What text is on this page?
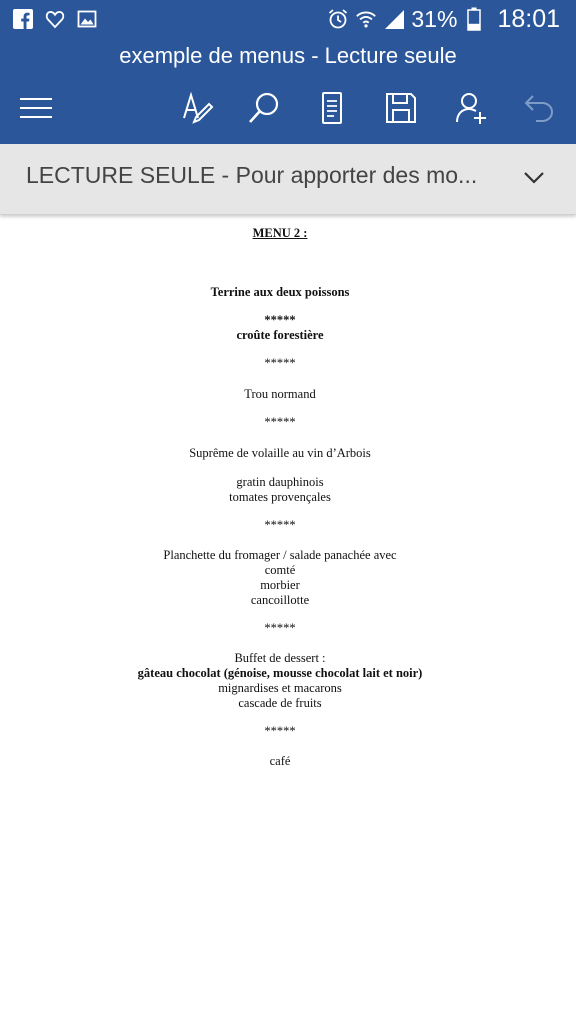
31% 18:01
exemple de menus - Lecture seule
LECTURE SEULE - Pour apporter des mo...
MENU 2 :
Terrine aux deux poissons
*****
croûte forestière
*****
Trou normand
*****
Suprême de volaille au vin d’Arbois
gratin dauphinois
tomates provençales
*****
Planchette du fromager / salade panachée avec
comté
morbier
cancoillotte
*****
Buffet de dessert :
gâteau chocolat (génoise, mousse chocolat lait et noir)
mignardises et macarons
cascade de fruits
*****
café
